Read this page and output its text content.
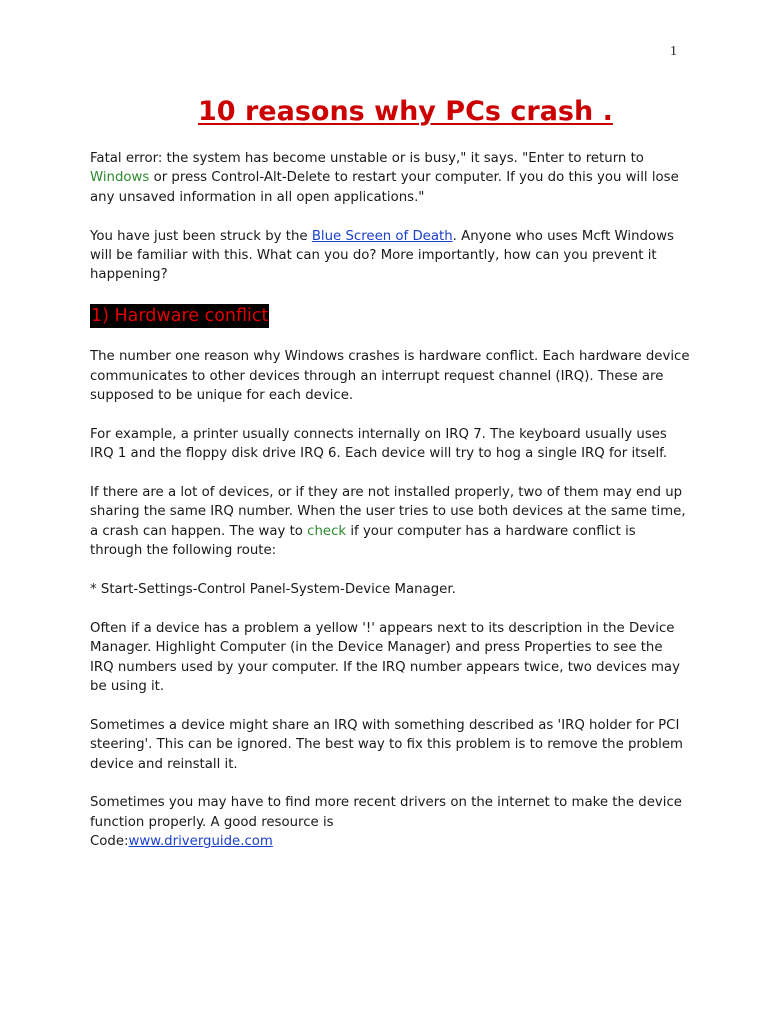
1
10 reasons why PCs crash .

Fatal error: the system has become unstable or is busy," it says. "Enter to return to Windows or press Control-Alt-Delete to restart your computer. If you do this you will lose any unsaved information in all open applications."

You have just been struck by the Blue Screen of Death. Anyone who uses Mcft Windows will be familiar with this. What can you do? More importantly, how can you prevent it happening?

1) Hardware conflict

The number one reason why Windows crashes is hardware conflict. Each hardware device communicates to other devices through an interrupt request channel (IRQ). These are supposed to be unique for each device.

For example, a printer usually connects internally on IRQ 7. The keyboard usually uses IRQ 1 and the floppy disk drive IRQ 6. Each device will try to hog a single IRQ for itself.

If there are a lot of devices, or if they are not installed properly, two of them may end up sharing the same IRQ number. When the user tries to use both devices at the same time, a crash can happen. The way to check if your computer has a hardware conflict is through the following route:

* Start-Settings-Control Panel-System-Device Manager.

Often if a device has a problem a yellow '!' appears next to its description in the Device Manager. Highlight Computer (in the Device Manager) and press Properties to see the IRQ numbers used by your computer. If the IRQ number appears twice, two devices may be using it.

Sometimes a device might share an IRQ with something described as 'IRQ holder for PCI steering'. This can be ignored. The best way to fix this problem is to remove the problem device and reinstall it.

Sometimes you may have to find more recent drivers on the internet to make the device function properly. A good resource is
Code:www.driverguide.com
